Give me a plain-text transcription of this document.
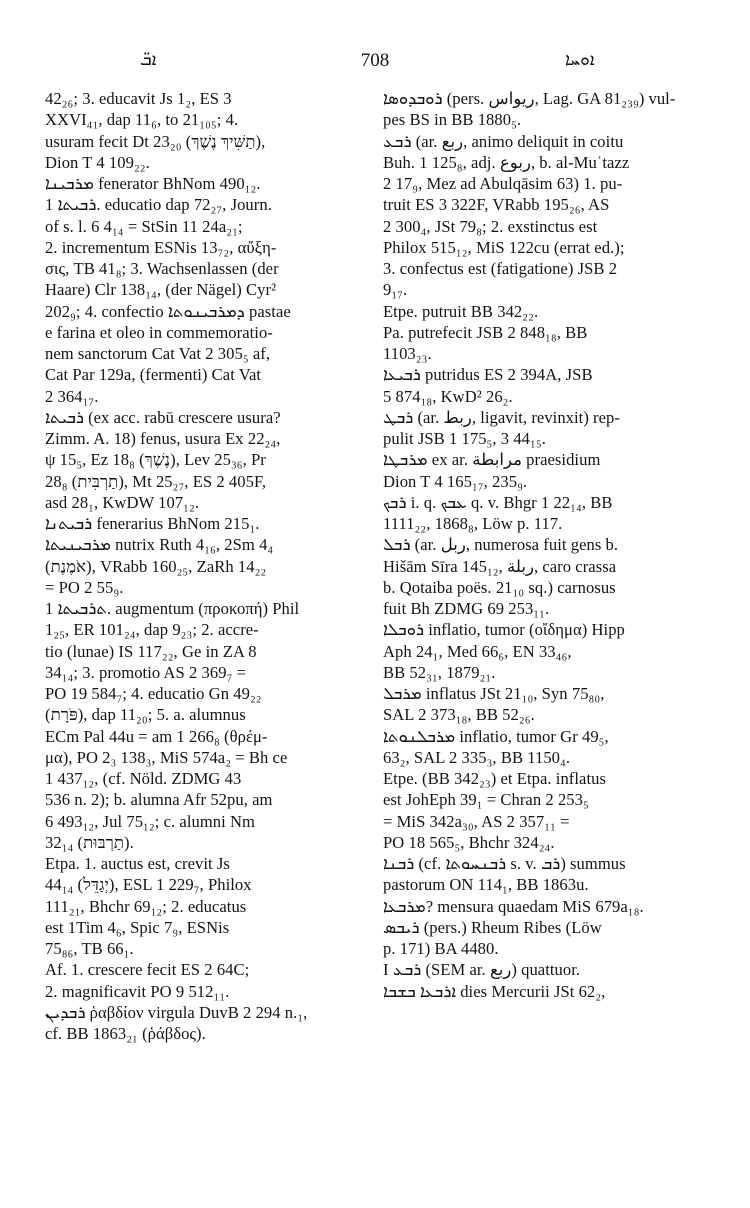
ܐܒ̈	708	ܐܘܚܐ
42₂₆; 3. educavit Js 1₂, ES 3
XXVI₄₁, dap 11₆, to 21₁₀₅; 4.
usuram fecit Dt 23₂₀ (תַשִּׁיךְ נֶשֶׁךְ),
Dion T 4 109₂₂.
ܡܪܒܝܢܐ fenerator BhNom 490₁₂.
ܪܒܝܬܐ 1. educatio dap 72₂₇, Journ.
of s. l. 6 4₁₄ = StSin 11 24a₂₁;
2. incrementum ESNis 13₇₂, αὔξη-
σις, TB 41₈; 3. Wachsenlassen (der
Haare) Clr 138₁₄, (der Nägel) Cyr²
202₉; 4. confectio ܕܡܪܒܝܢܘܬܐ pastae
e farina et oleo in commemoratio-
nem sanctorum Cat Vat 2 305₅ af,
Cat Par 129a, (fermenti) Cat Vat
2 364₁₇.
ܪܒܝܬܐ (ex acc. rabū crescere usura?
Zimm. A. 18) fenus, usura Ex 22₂₄,
ψ 15₅, Ez 18₈ (נֶשֶׁךְ), Lev 25₃₆, Pr
28₈ (תַרְבִּית), Mt 25₂₇, ES 2 405F,
asd 28₁, KwDW 107₁₂.
ܪܒܝܬܢܐ fenerarius BhNom 215₁.
ܡܪܒܝܢܝܬܐ nutrix Ruth 4₁₆, 2Sm 4₄
(אֹמֶנֶת), VRabb 160₂₅, ZaRh 14₂₂
= PO 2 55₉.
ܬܪܒܝܬܐ 1. augmentum (προκοπή) Phil
1₂₅, ER 101₂₄, dap 9₂₃; 2. accre-
tio (lunae) IS 117₂₂, Ge in ZA 8
34₁₄; 3. promotio AS 2 369₇ =
PO 19 584₇; 4. educatio Gn 49₂₂
(פֹּרָת), dap 11₂₀; 5. a. alumnus
ECm Pal 44u = am 1 266₈ (θρέμ-
μα), PO 2₃ 138₃, MiS 574a₂ = Bh ce
1 437₁₂, (cf. Nöld. ZDMG 43
536 n. 2); b. alumna Afr 52pu, am
6 493₁₂, Jul 75₁₂; c. alumni Nm
32₁₄ (תַרְבּוּת).
Etpa. 1. auctus est, crevit Js
44₁₄ (יְגַדֵּל), ESL 1 229₇, Philox
111₂₁, Bhchr 69₁₂; 2. educatus
est 1Tim 4₆, Spic 7₉, ESNis
75₈₆, TB 66₁.
Af. 1. crescere fecit ES 2 64C;
2. magnificavit PO 9 512₁₁.
ܪܒܕܝܢ ῥαβδίον virgula DuvB 2 294 n.₁,
cf. BB 1863₂₁ (ῥάβδος).
ܪܘܒܕܘܣܐ (pers. ريواس, Lag. GA 81₂₃₉) vul-
pes BS in BB 1880₅.
ܪܒܥ (ar. ربع, animo deliquit in coitu
Buh. 1 125₈, adj. ربوع, b. al-Muʿtazz
2 17₉, Mez ad Abulqāsim 63) 1. pu-
truit ES 3 322F, VRabb 195₂₆, AS
2 300₄, JSt 79₈; 2. exstinctus est
Philox 515₁₂, MiS 122cu (errat ed.);
3. confectus est (fatigatione) JSB 2
9₁₇.
Etpe. putruit BB 342₂₂.
Pa. putrefecit JSB 2 848₁₈, BB
1103₂₃.
ܪܒܝܥܐ putridus ES 2 394A, JSB
5 874₁₈, KwD² 26₂.
ܪܒܛ (ar. ربط, ligavit, revinxit) rep-
pulit JSB 1 175₅, 3 44₁₅.
ܡܪܒܛܐ ex ar. مرابطة praesidium
Dion T 4 165₁₇, 235₉.
ܪܒܟ i. q. ܥܒܟ q. v. Bhgr 1 22₁₄, BB
1111₂₂, 1868₈, Löw p. 117.
ܪܒܠ (ar. ربل, numerosa fuit gens b.
Hišām Sīra 145₁₂, ربلة, caro crassa
b. Qotaiba poës. 21₁₀ sq.) carnosus
fuit Bh ZDMG 69 253₁₁.
ܪܘܒܠܐ inflatio, tumor (οἴδημα) Hipp
Aph 24₁, Med 66₆, EN 33₄₆,
BB 52₃₁, 1879₂₁.
ܡܪܒܠ inflatus JSt 21₁₀, Syn 75₈₀,
SAL 2 373₁₈, BB 52₂₆.
ܡܪܒܠܢܘܬܐ inflatio, tumor Gr 49₅,
63₂, SAL 2 335₃, BB 1150₄.
Etpe. (BB 342₂₃) et Etpa. inflatus
est JohEph 39₁ = Chran 2 253₅
= MiS 342a₃₀, AS 2 357₁₁ =
PO 18 565₅, Bhchr 324₂₄.
ܪܒܢܐ (cf. ܪܒܢܚܘܬܐ s. v. ܪܒ) summus
pastorum ON 114₁, BB 1863u.
ܡܪܒܥܐ? mensura quaedam MiS 679a₁₈.
ܪܝܒܣ (pers.) Rheum Ribes (Löw
p. 171) BA 4480.
I ܪܒܥ (SEM ar. ربع) quattuor.
ܐܪܒܥܐ ܒܫܒܐ dies Mercurii JSt 62₂,
